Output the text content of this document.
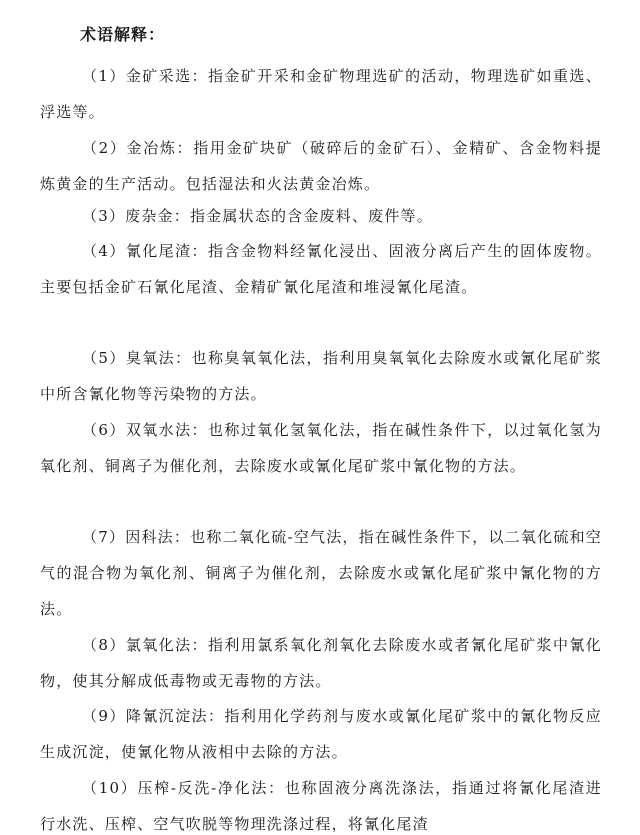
术语解释：

（1）金矿采选：指金矿开采和金矿物理选矿的活动，物理选矿如重选、浮选等。

（2）金冶炼：指用金矿块矿（破碎后的金矿石）、金精矿、含金物料提炼黄金的生产活动。包括湿法和火法黄金冶炼。

（3）废杂金：指金属状态的含金废料、废件等。

（4）氰化尾渣：指含金物料经氰化浸出、固液分离后产生的固体废物。主要包括金矿石氰化尾渣、金精矿氰化尾渣和堆浸氰化尾渣。

（5）臭氧法：也称臭氧氧化法，指利用臭氧氧化去除废水或氰化尾矿浆中所含氰化物等污染物的方法。

（6）双氧水法：也称过氧化氢氧化法，指在碱性条件下，以过氧化氢为氧化剂、铜离子为催化剂，去除废水或氰化尾矿浆中氰化物的方法。

（7）因科法：也称二氧化硫-空气法，指在碱性条件下，以二氧化硫和空气的混合物为氧化剂、铜离子为催化剂，去除废水或氰化尾矿浆中氰化物的方法。

（8）氯氧化法：指利用氯系氧化剂氧化去除废水或者氰化尾矿浆中氰化物，使其分解成低毒物或无毒物的方法。

（9）降氰沉淀法：指利用化学药剂与废水或氰化尾矿浆中的氰化物反应生成沉淀，使氰化物从液相中去除的方法。

（10）压榨-反洗-净化法：也称固液分离洗涤法，指通过将氰化尾渣进行水洗、压榨、空气吹脱等物理洗涤过程，将氰化尾渣
